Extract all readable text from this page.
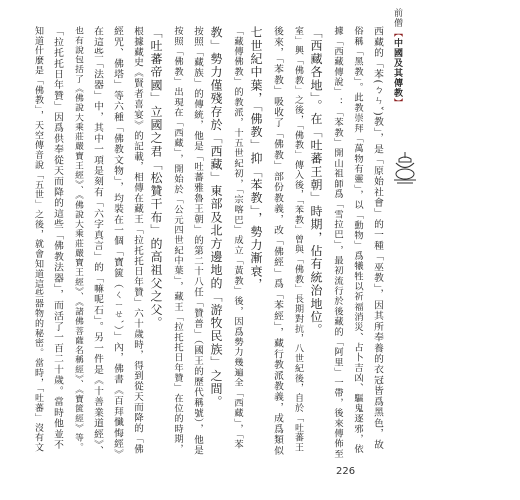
前僧【中國及其傳教】
西藏的「苯(ㄅㄣˇ)教」，是「原始社會」的一種「巫教」，因其所奉養的衣冠皆爲黑色，故
俗稱「黑教」。此教崇拜「萬物有靈」，以「動物」爲犧牲以祈福消災、占卜吉凶、驅鬼逐邪，依
據「西藏傳說」：「苯教」開山祖師爲「雪拉巴」，最初流行於後藏的「阿里」一帶，後來傳佈至
「西藏各地」。在「吐蕃王朝」時期，佔有統治地位。
室」興「佛教」之後，「佛教」傳入後，「苯教」曾與「佛教」長期對抗，八世紀後，自於「吐蕃王
後來，「苯教」吸收了「佛教」部份教義，改「佛經」爲「苯經」，藏行教派教義，成爲類似
七世紀中葉，「佛教」抑「苯教」，勢力漸衰，
「藏傳佛教」的教派，十五世紀初，「宗喀巴」成立「黃教」後，因爲勢力幾遍全「西藏」，「苯
教」勢力僅殘存於「西藏」東部及北方邊地的「游牧民族」之間。
按照「藏族」的傳統，他是「吐蕃雅魯王朝」的第二十八任「贊普」（國王的歷代稱號），他是
按照「佛教」出現在「西藏」，開始於「公元四世紀中葉」，藏王「拉托托日年贊」在位的時期，
「吐蕃帝國」立國之君「松贊干布」的高祖父之父。
根據藏史《賢者喜宴》的記載，相傳在藏王「拉托托日年贊」六十歲時，得到從天而降的「佛
經咒、佛塔」等六種「佛教文物」，均裝在一個「寶篋（ㄑㄧㄝˋ）」內，佛書《百拜懺悔經》
在這些「法器」中，其中一項是刻有「六字真言」的「嘛呢石」。另一件是《十善業道經》、
也有說包括了《佛說大乘莊嚴寶王經》、《佛說大乘莊嚴寶王經》、《諸佛菩薩名稱經》、《寶篋經》等。
「拉托托日年贊」因爲供奉從天而降的這些「佛教法器」，而活了一百二十歲。當時他並不
知道什麼是「佛教」，天空傳音說「五世」之後，就會知道這些器物的秘密。當時，「吐蕃」沒有文
226
